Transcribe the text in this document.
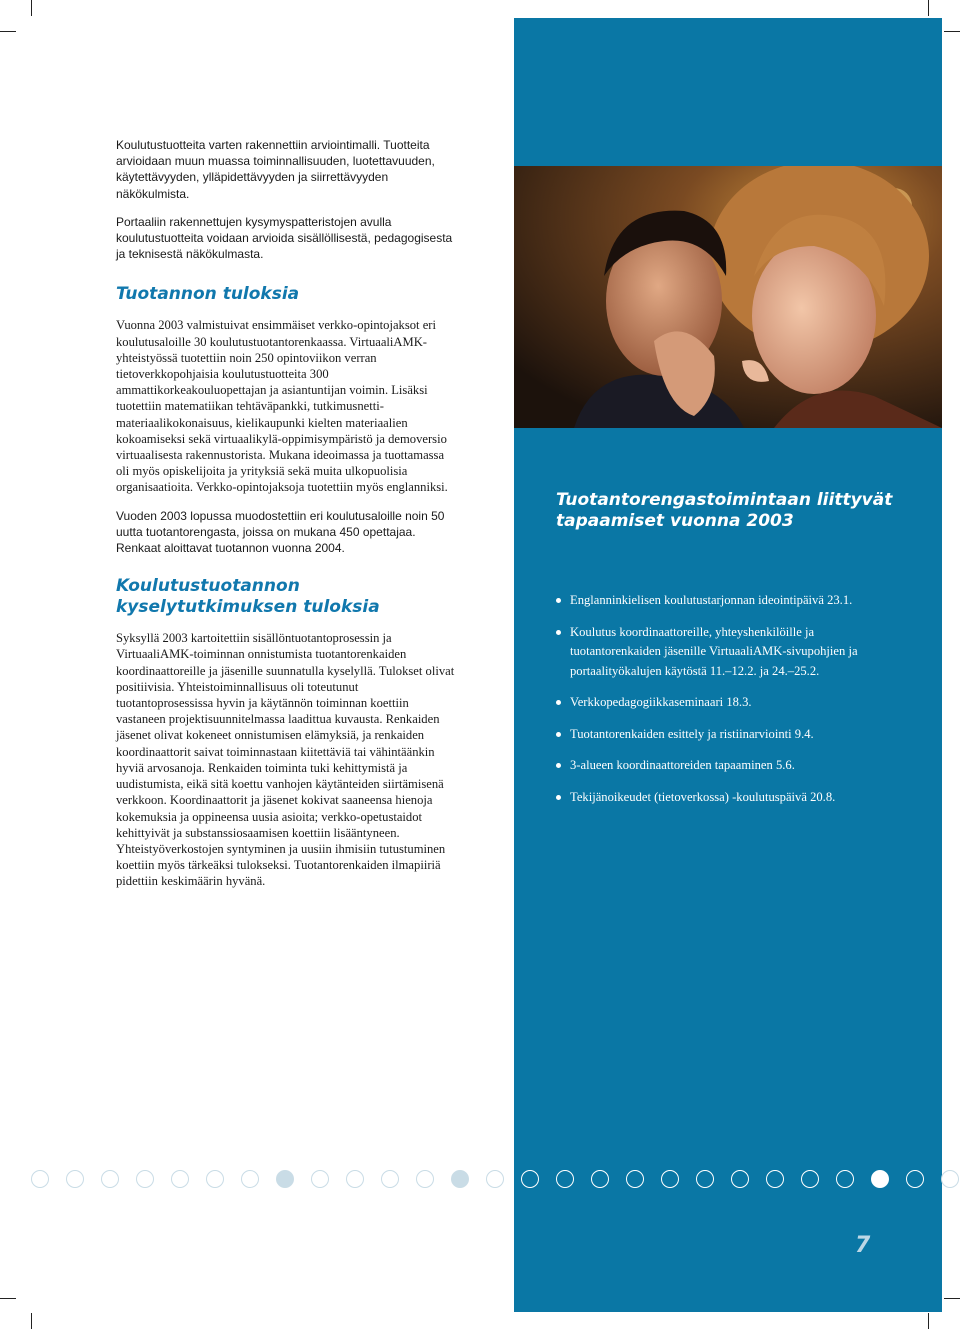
Koulutustuotteita varten rakennettiin arviointimalli. Tuotteita arvioidaan muun muassa toiminnallisuuden, luotettavuuden, käytettävyyden, ylläpidettävyyden ja siirrettävyyden näkökulmista.

Portaaliin rakennettujen kysymyspatteristojen avulla koulutustuotteita voidaan arvioida sisällöllisestä, pedagogisesta ja teknisestä näkökulmasta.

Tuotannon tuloksia

Vuonna 2003 valmistuivat ensimmäiset verkko-opintojaksot eri koulutusaloille 30 koulutustuotantorenkaassa. VirtuaaliAMK-yhteistyössä tuotettiin noin 250 opintoviikon verran tietoverkkopohjaisia koulutustuotteita 300 ammattikorkeakouluopettajan ja asiantuntijan voimin. Lisäksi tuotettiin matematiikan tehtäväpankki, tutkimusnetti-materiaalikokonaisuus, kielikaupunki kielten materiaalien kokoamiseksi sekä virtuaalikylä-oppimisympäristö ja demoversio virtuaalisesta rakennustorista. Mukana ideoimassa ja tuottamassa oli myös opiskelijoita ja yrityksiä sekä muita ulkopuolisia organisaatioita. Verkko-opintojaksoja tuotettiin myös englanniksi.

Vuoden 2003 lopussa muodostettiin eri koulutusaloille noin 50 uutta tuotantorengasta, joissa on mukana 450 opettajaa. Renkaat aloittavat tuotannon vuonna 2004.

Koulutustuotannon kyselytutkimuksen tuloksia

Syksyllä 2003 kartoitettiin sisällöntuotantoprosessin ja VirtuaaliAMK-toiminnan onnistumista tuotantorenkaiden koordinaattoreille ja jäsenille suunnatulla kyselyllä. Tulokset olivat positiivisia. Yhteistoiminnallisuus oli toteutunut tuotantoprosessissa hyvin ja käytännön toiminnan koettiin vastaneen projektisuunnitelmassa laadittua kuvausta. Renkaiden jäsenet olivat kokeneet onnistumisen elämyksiä, ja renkaiden koordinaattorit saivat toiminnastaan kiitettäviä tai vähintäänkin hyviä arvosanoja. Renkaiden toiminta tuki kehittymistä ja uudistumista, eikä sitä koettu vanhojen käytänteiden siirtämisenä verkkoon. Koordinaattorit ja jäsenet kokivat saaneensa hienoja kokemuksia ja oppineensa uusia asioita; verkko-opetustaidot kehittyivät ja substanssiosaamisen koettiin lisääntyneen. Yhteistyöverkostojen syntyminen ja uusiin ihmisiin tutustuminen koettiin myös tärkeäksi tulokseksi. Tuotantorenkaiden ilmapiiriä pidettiin keskimäärin hyvänä.

Tuotantorengastoimintaan liittyvät tapaamiset vuonna 2003
Englanninkielisen koulutustarjonnan ideointipäivä 23.1.
Koulutus koordinaattoreille, yhteyshenkilöille ja tuotantorenkaiden jäsenille VirtuaaliAMK-sivupohjien ja portaalityökalujen käytöstä 11.–12.2. ja 24.–25.2.
Verkkopedagogiikkaseminaari 18.3.
Tuotantorenkaiden esittely ja ristiinarviointi 9.4.
3-alueen koordinaattoreiden tapaaminen 5.6.
Tekijänoikeudet (tietoverkossa) -koulutuspäivä 20.8.
7
